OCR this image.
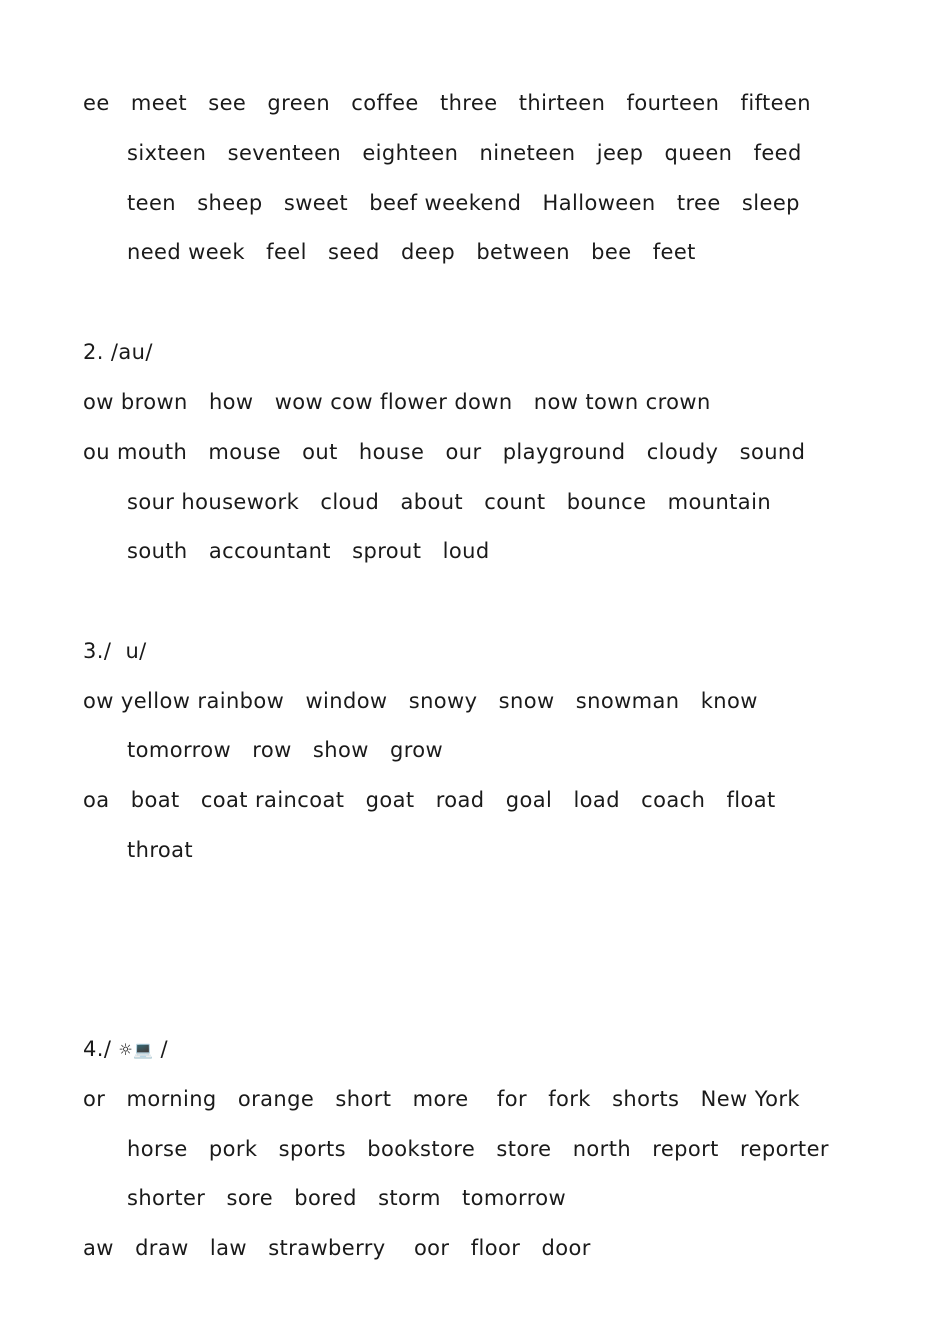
ee   meet   see   green   coffee   three   thirteen   fourteen   fifteen
sixteen   seventeen   eighteen   nineteen   jeep   queen   feed
teen   sheep   sweet   beef weekend   Halloween   tree   sleep
need week   feel   seed   deep   between   bee   feet
2. /au/
ow brown   how   wow cow flower down   now town crown
ou mouth   mouse   out   house   our   playground   cloudy   sound
sour housework   cloud   about   count   bounce   mountain
south   accountant   sprout   loud
3./  u/
ow yellow rainbow   window   snowy   snow   snowman   know
tomorrow   row   show   grow
oa   boat   coat raincoat   goat   road   goal   load   coach   float
throat
4./ ☼💻 /
or   morning   orange   short   more    for   fork   shorts   New York
horse   pork   sports   bookstore   store   north   report   reporter
shorter   sore   bored   storm   tomorrow
aw   draw   law   strawberry    oor   floor   door
